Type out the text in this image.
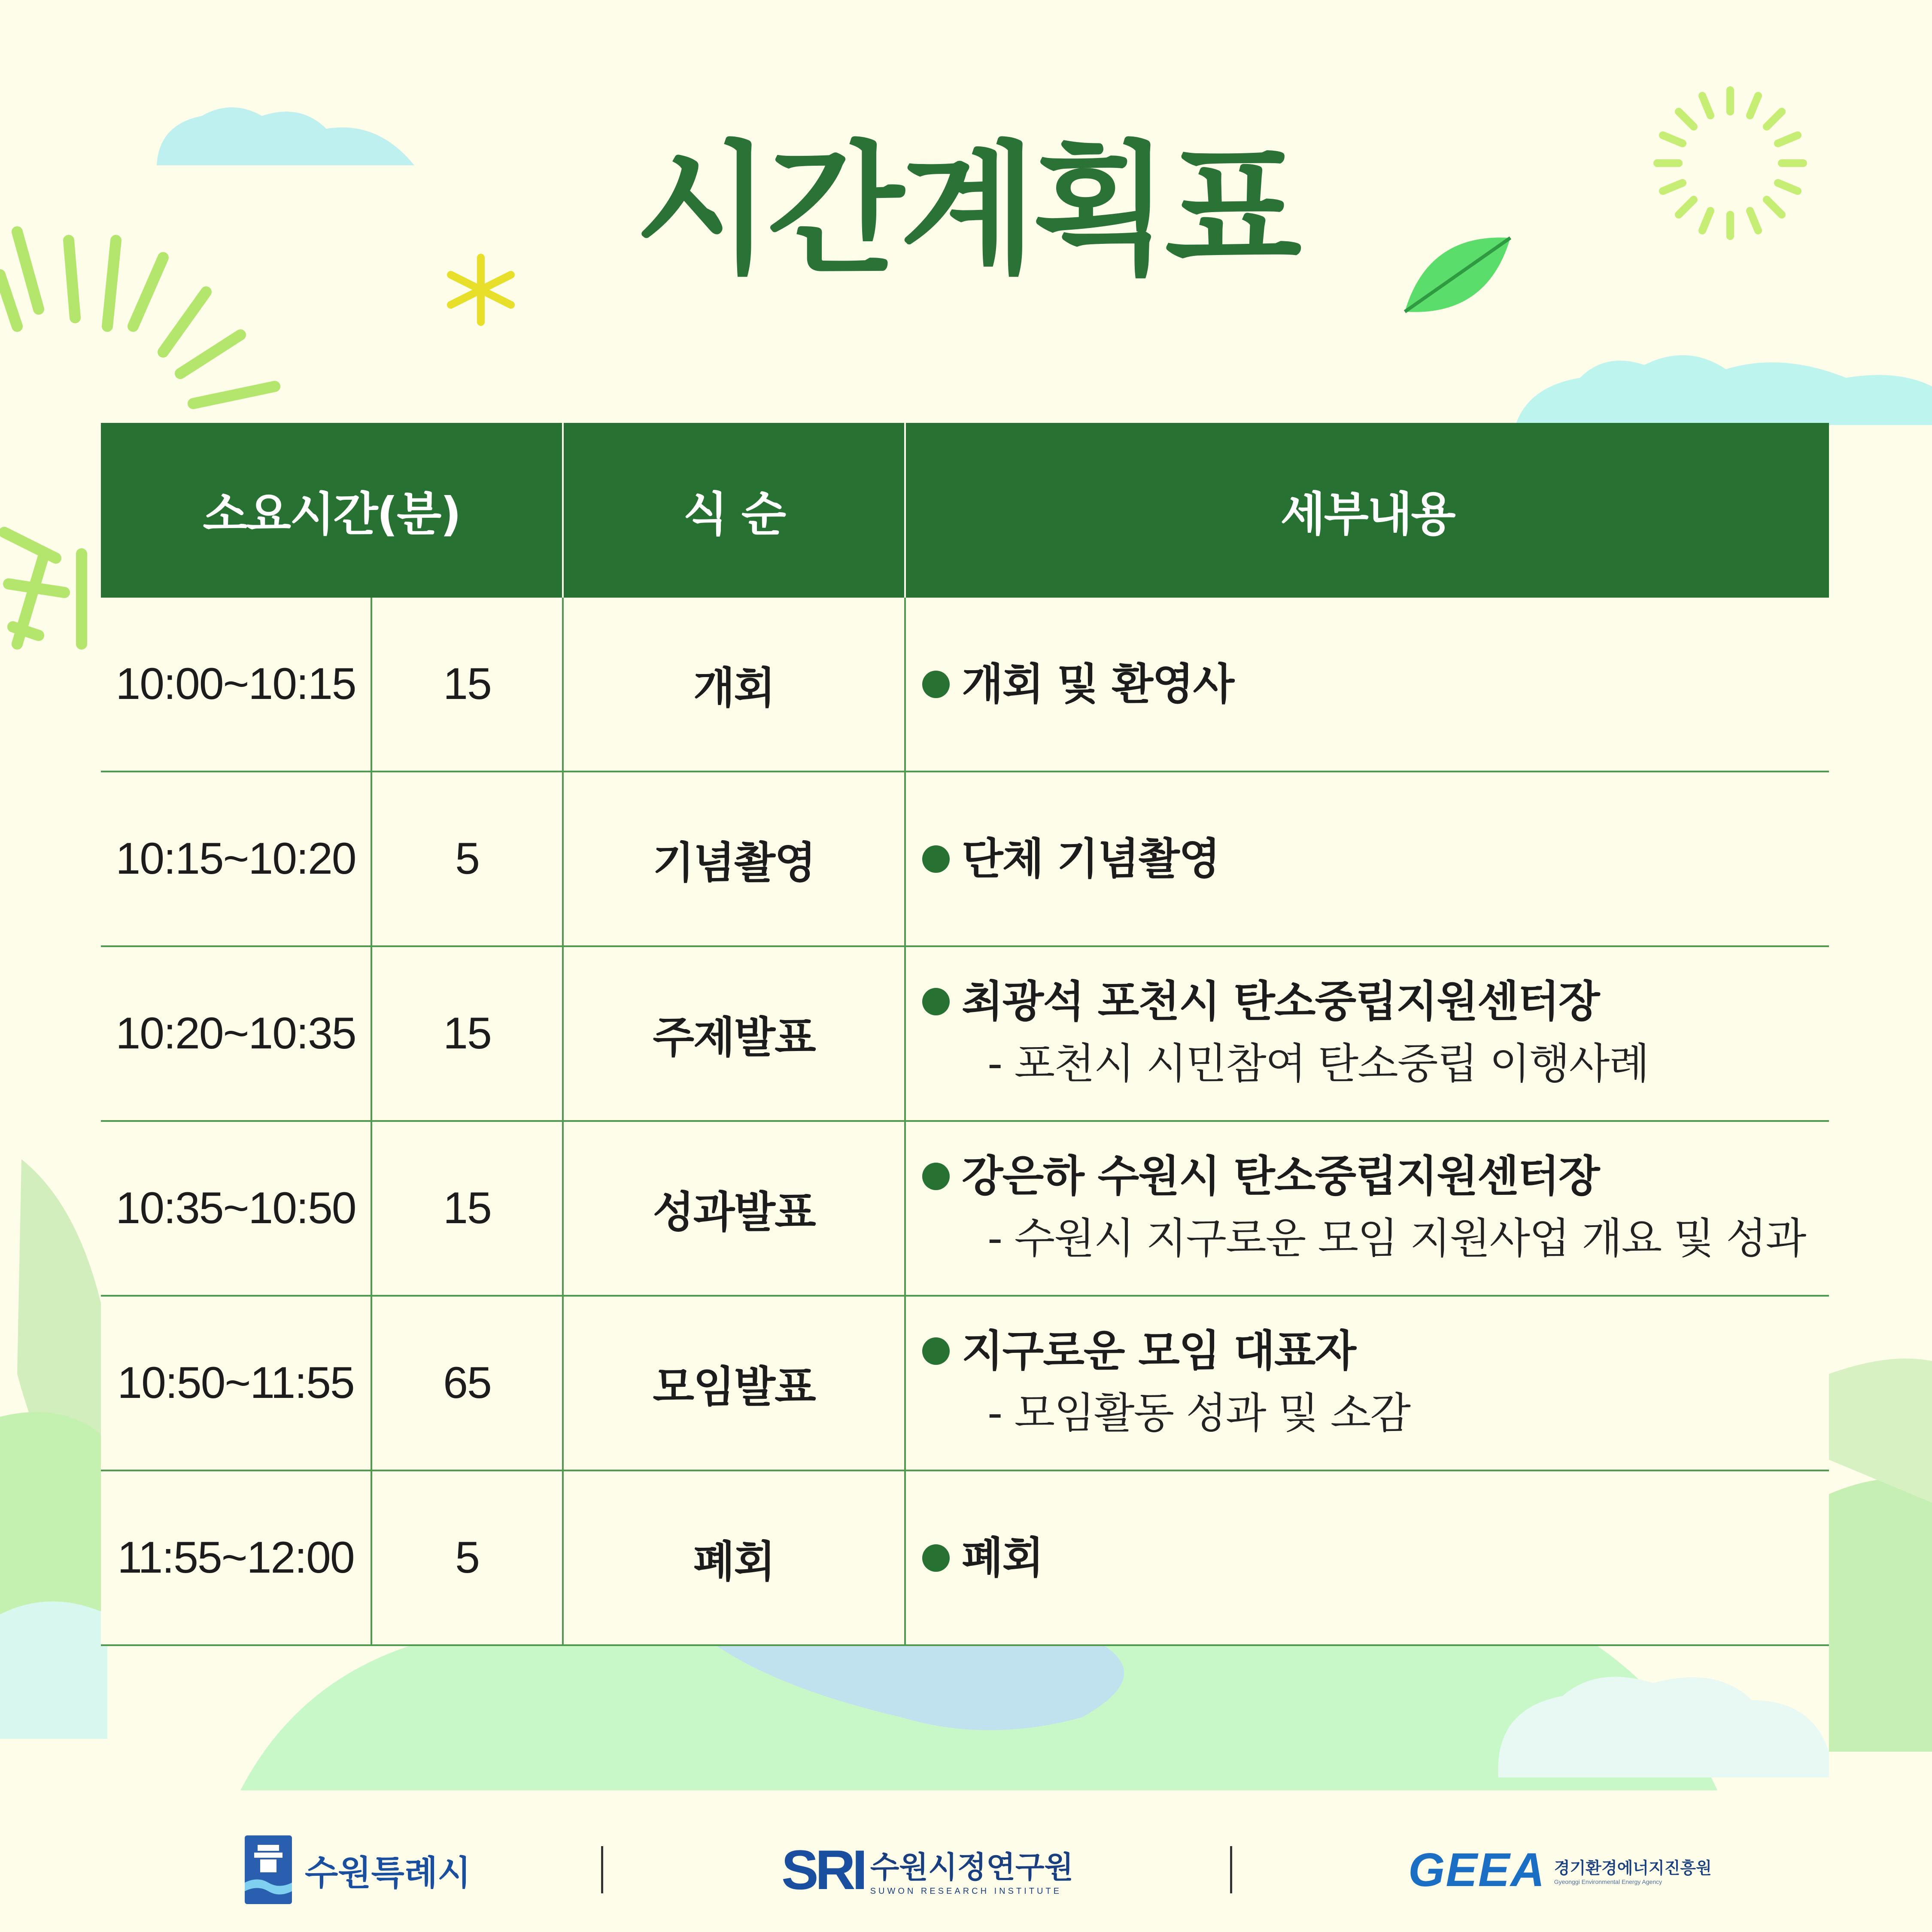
시간계획표
소요시간(분)		식 순	세부내용
10:00~10:15	15	개회	개회 및 환영사

10:15~10:20	5	기념촬영	단체 기념촬영

10:20~10:35	15	주제발표	최광석 포천시 탄소중립지원센터장
- 포천시 시민참여 탄소중립 이행사례

10:35~10:50	15	성과발표	강은하 수원시 탄소중립지원센터장
- 수원시 지구로운 모임 지원사업 개요 및 성과

10:50~11:55	65	모임발표	지구로운 모임 대표자
- 모임활동 성과 및 소감

11:55~12:00	5	폐회	폐회
수원특례시	SRI 수원시정연구원
SUWON RESEARCH INSTITUTE	GEEA 경기환경에너지진흥원
Gyeonggi Environmental Energy Agency
